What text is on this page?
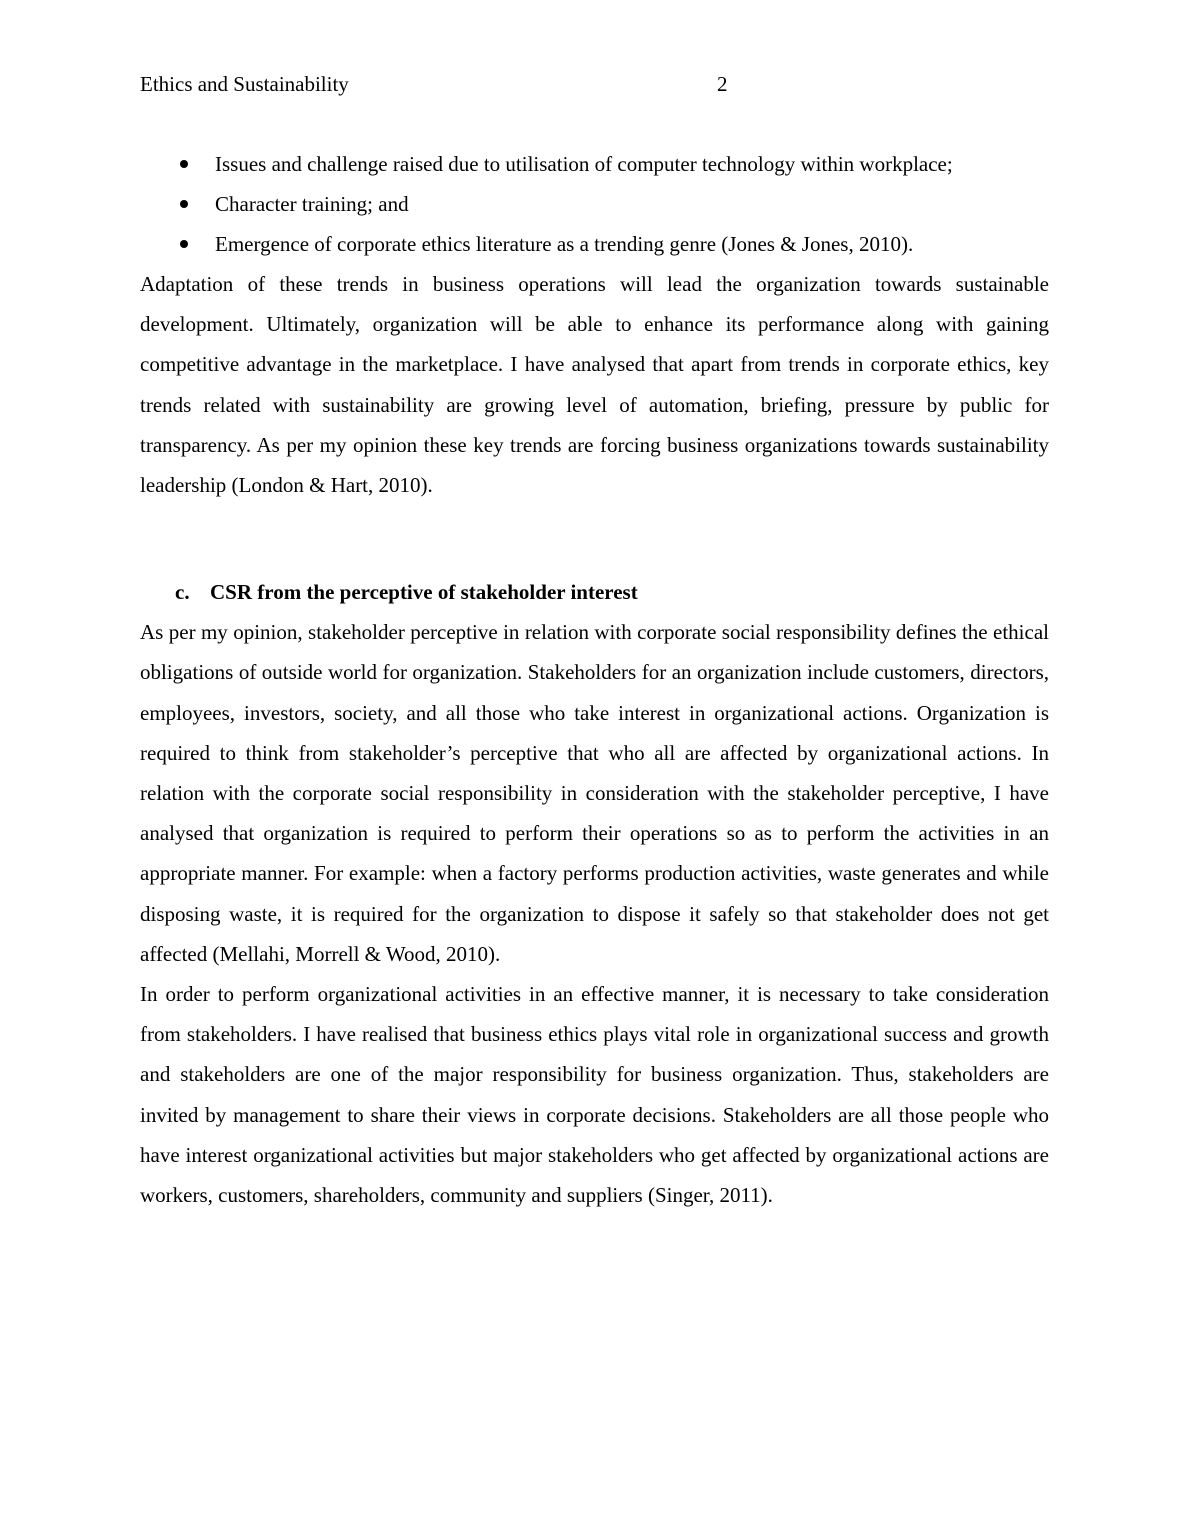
Ethics and Sustainability	2
Issues and challenge raised due to utilisation of computer technology within workplace;
Character training; and
Emergence of corporate ethics literature as a trending genre (Jones & Jones, 2010).

Adaptation of these trends in business operations will lead the organization towards sustainable development. Ultimately, organization will be able to enhance its performance along with gaining competitive advantage in the marketplace. I have analysed that apart from trends in corporate ethics, key trends related with sustainability are growing level of automation, briefing, pressure by public for transparency. As per my opinion these key trends are forcing business organizations towards sustainability leadership (London & Hart, 2010).

c. CSR from the perceptive of stakeholder interest

As per my opinion, stakeholder perceptive in relation with corporate social responsibility defines the ethical obligations of outside world for organization. Stakeholders for an organization include customers, directors, employees, investors, society, and all those who take interest in organizational actions. Organization is required to think from stakeholder’s perceptive that who all are affected by organizational actions. In relation with the corporate social responsibility in consideration with the stakeholder perceptive, I have analysed that organization is required to perform their operations so as to perform the activities in an appropriate manner. For example: when a factory performs production activities, waste generates and while disposing waste, it is required for the organization to dispose it safely so that stakeholder does not get affected (Mellahi, Morrell & Wood, 2010).

In order to perform organizational activities in an effective manner, it is necessary to take consideration from stakeholders. I have realised that business ethics plays vital role in organizational success and growth and stakeholders are one of the major responsibility for business organization. Thus, stakeholders are invited by management to share their views in corporate decisions. Stakeholders are all those people who have interest organizational activities but major stakeholders who get affected by organizational actions are workers, customers, shareholders, community and suppliers (Singer, 2011).
